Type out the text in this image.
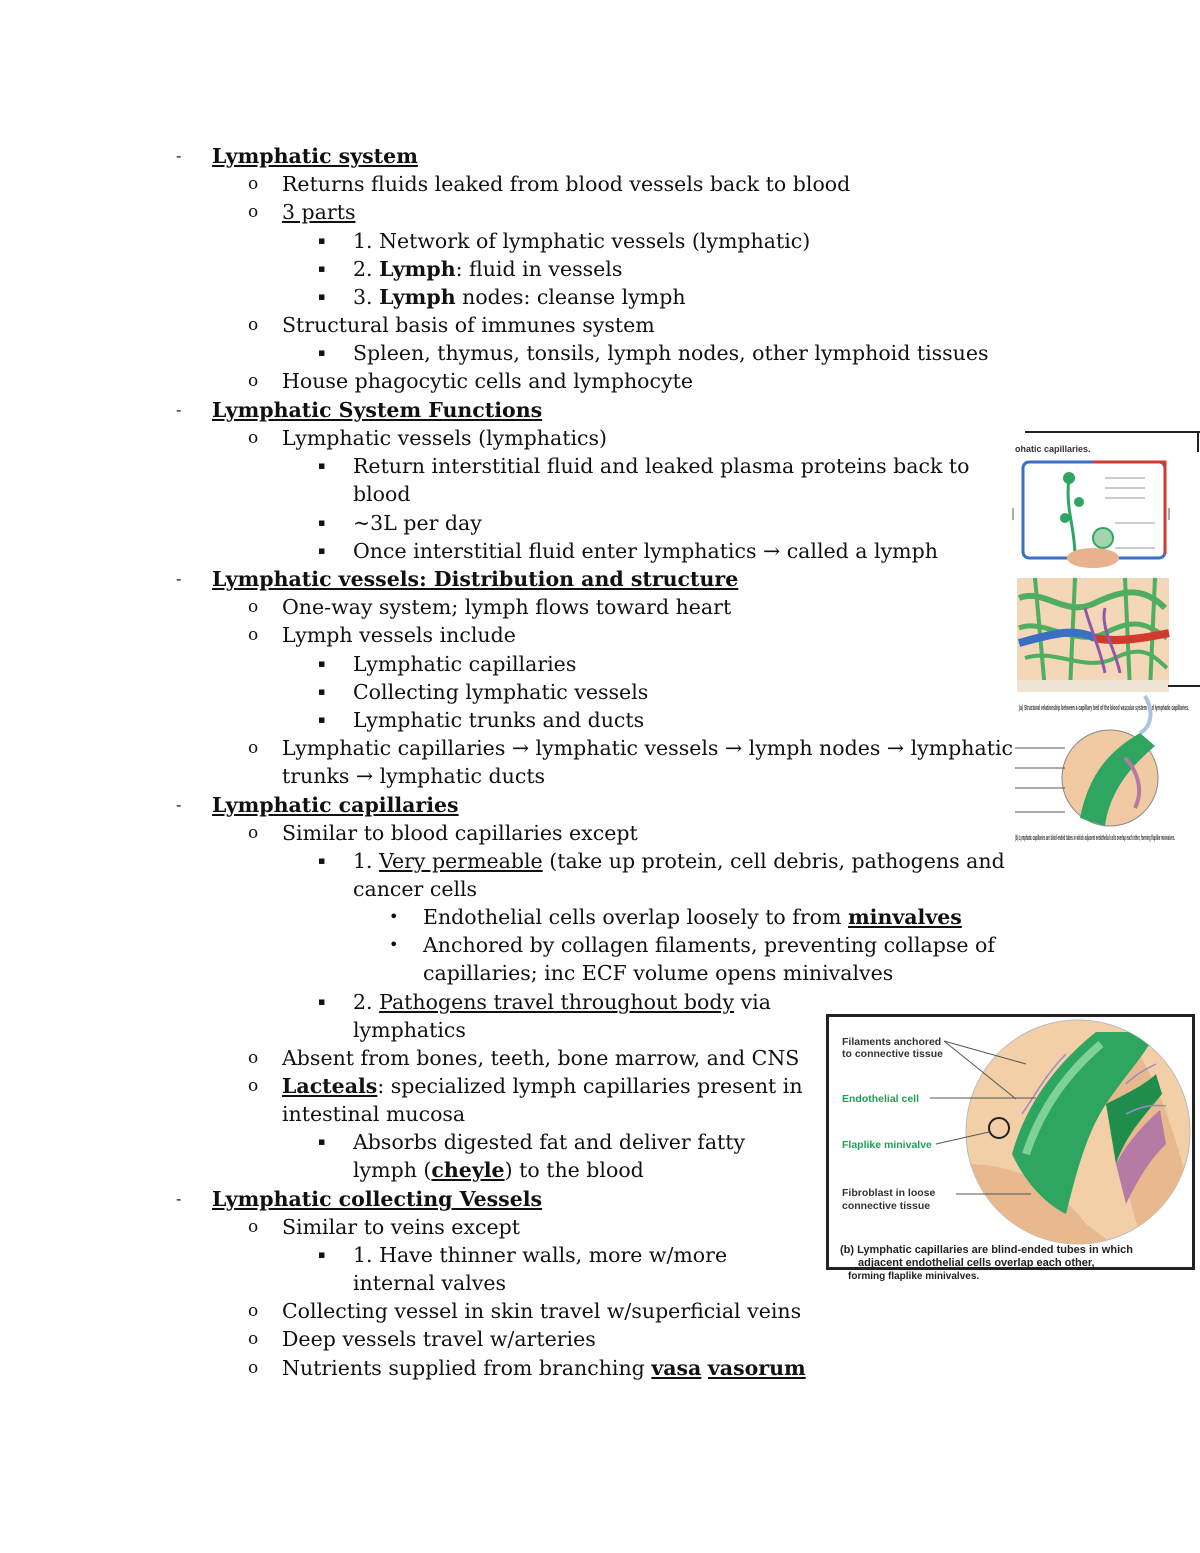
- Lymphatic system
o Returns fluids leaked from blood vessels back to blood
o 3 parts
▪ 1. Network of lymphatic vessels (lymphatic)
▪ 2. Lymph: fluid in vessels
▪ 3. Lymph nodes: cleanse lymph
o Structural basis of immunes system
▪ Spleen, thymus, tonsils, lymph nodes, other lymphoid tissues
o House phagocytic cells and lymphocyte
- Lymphatic System Functions
o Lymphatic vessels (lymphatics)
▪ Return interstitial fluid and leaked plasma proteins back to
blood
▪ ~3L per day
▪ Once interstitial fluid enter lymphatics → called a lymph
- Lymphatic vessels: Distribution and structure
o One-way system; lymph flows toward heart
o Lymph vessels include
▪ Lymphatic capillaries
▪ Collecting lymphatic vessels
▪ Lymphatic trunks and ducts
o Lymphatic capillaries → lymphatic vessels → lymph nodes → lymphatic
trunks → lymphatic ducts
- Lymphatic capillaries
o Similar to blood capillaries except
▪ 1. Very permeable (take up protein, cell debris, pathogens and
cancer cells
• Endothelial cells overlap loosely to from minvalves
• Anchored by collagen filaments, preventing collapse of
capillaries; inc ECF volume opens minivalves
▪ 2. Pathogens travel throughout body via
lymphatics
o Absent from bones, teeth, bone marrow, and CNS
o Lacteals: specialized lymph capillaries present in
intestinal mucosa
▪ Absorbs digested fat and deliver fatty
lymph (cheyle) to the blood
- Lymphatic collecting Vessels
o Similar to veins except
▪ 1. Have thinner walls, more w/more
internal valves
o Collecting vessel in skin travel w/superficial veins
o Deep vessels travel w/arteries
o Nutrients supplied from branching vasa vasorum
ohatic capillaries.
(a) Structural relationship between a capillary bed of the blood vascular system and lymphatic capillaries.
(b) Lymphatic capillaries are blind-ended tubes in which adjacent endothelial cells overlap each other, forming flaplike minivalves.
Filaments anchored
to connective tissue
Endothelial cell
Flaplike minivalve
Fibroblast in loose
connective tissue
(b) Lymphatic capillaries are blind-ended tubes in which
adjacent endothelial cells overlap each other,
forming flaplike minivalves.
